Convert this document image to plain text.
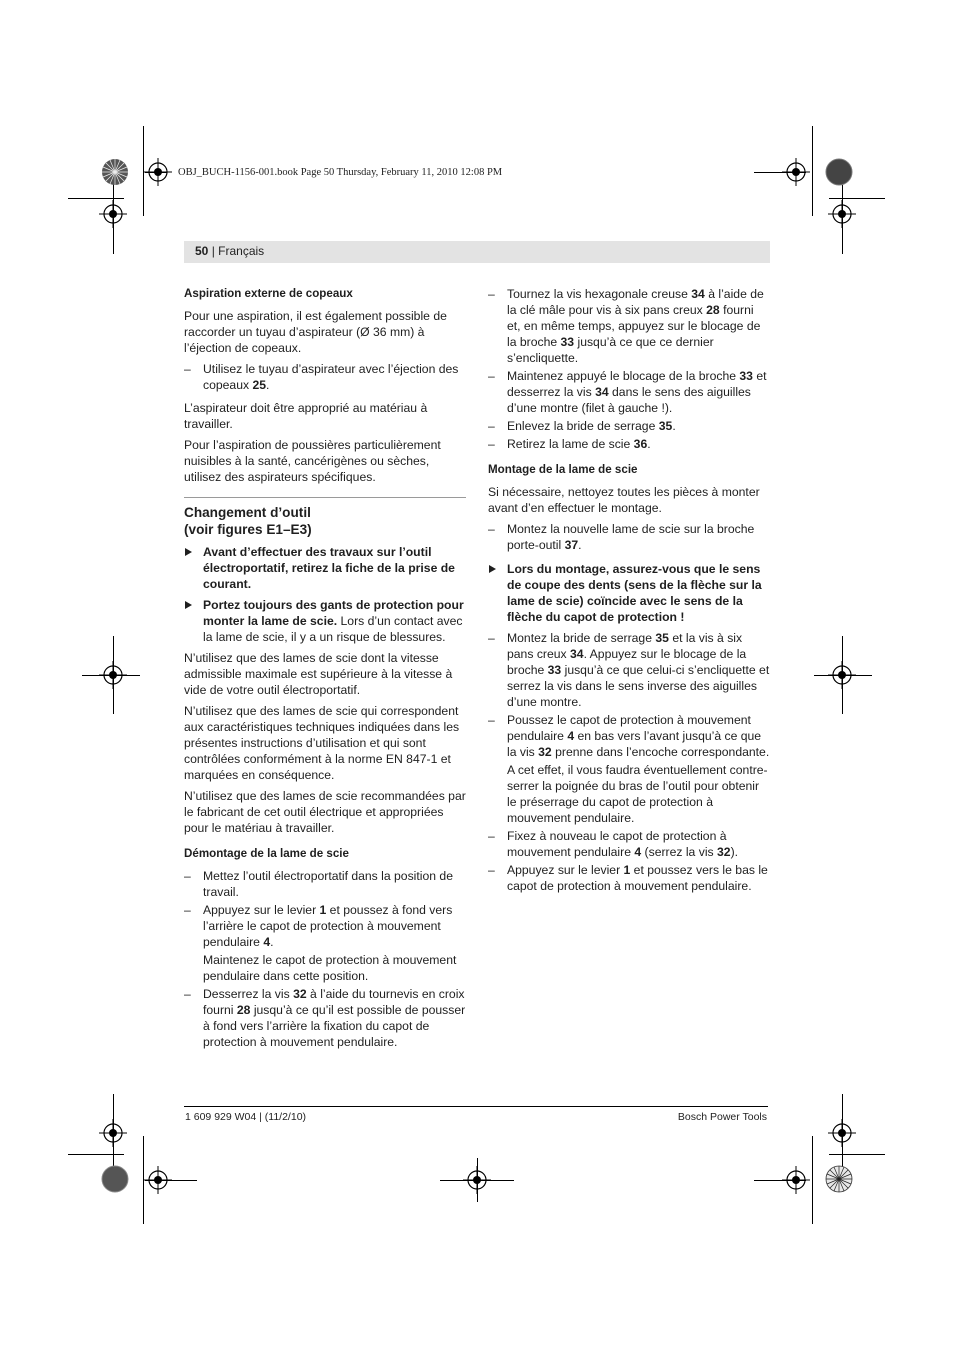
OBJ_BUCH-1156-001.book Page 50 Thursday, February 11, 2010 12:08 PM
50 | Français
Aspiration externe de copeaux

Pour une aspiration, il est également possible de raccorder un tuyau d’aspirateur (Ø 36 mm) à l’éjection de copeaux.

– Utilisez le tuyau d’aspirateur avec l’éjection des copeaux 25.

L’aspirateur doit être approprié au matériau à travailler.

Pour l’aspiration de poussières particulièrement nuisibles à la santé, cancérigènes ou sèches, utilisez des aspirateurs spécifiques.

Changement d’outil
(voir figures E1–E3)
Avant d’effectuer des travaux sur l’outil électroportatif, retirez la fiche de la prise de courant.
Portez toujours des gants de protection pour monter la lame de scie. Lors d’un contact avec la lame de scie, il y a un risque de blessures.

N’utilisez que des lames de scie dont la vitesse admissible maximale est supérieure à la vitesse à vide de votre outil électroportatif.

N’utilisez que des lames de scie qui correspondent aux caractéristiques techniques indiquées dans les présentes instructions d’utilisation et qui sont contrôlées conformément à la norme EN 847-1 et marquées en conséquence.

N’utilisez que des lames de scie recommandées par le fabricant de cet outil électrique et appropriées pour le matériau à travailler.

Démontage de la lame de scie
– Mettez l’outil électroportatif dans la position de travail.
– Appuyez sur le levier 1 et poussez à fond vers l’arrière le capot de protection à mouvement pendulaire 4.
Maintenez le capot de protection à mouvement pendulaire dans cette position.
– Desserrez la vis 32 à l’aide du tournevis en croix fourni 28 jusqu’à ce qu’il est possible de pousser à fond vers l’arrière la fixation du capot de protection à mouvement pendulaire.
– Tournez la vis hexagonale creuse 34 à l’aide de la clé mâle pour vis à six pans creux 28 fourni et, en même temps, appuyez sur le blocage de la broche 33 jusqu’à ce que ce dernier s’encliquette.
– Maintenez appuyé le blocage de la broche 33 et desserrez la vis 34 dans le sens des aiguilles d’une montre (filet à gauche !).
– Enlevez la bride de serrage 35.
– Retirez la lame de scie 36.
Montage de la lame de scie

Si nécessaire, nettoyez toutes les pièces à monter avant d’en effectuer le montage.

– Montez la nouvelle lame de scie sur la broche porte-outil 37.
Lors du montage, assurez-vous que le sens de coupe des dents (sens de la flèche sur la lame de scie) coïncide avec le sens de la flèche du capot de protection !
– Montez la bride de serrage 35 et la vis à six pans creux 34. Appuyez sur le blocage de la broche 33 jusqu’à ce que celui-ci s’encliquette et serrez la vis dans le sens inverse des aiguilles d’une montre.
– Poussez le capot de protection à mouvement pendulaire 4 en bas vers l’avant jusqu’à ce que la vis 32 prenne dans l’encoche correspondante.
A cet effet, il vous faudra éventuellement contre-serrer la poignée du bras de l’outil pour obtenir le préserrage du capot de protection à mouvement pendulaire.
– Fixez à nouveau le capot de protection à mouvement pendulaire 4 (serrez la vis 32).
– Appuyez sur le levier 1 et poussez vers le bas le capot de protection à mouvement pendulaire.
1 609 929 W04 | (11/2/10)	Bosch Power Tools
